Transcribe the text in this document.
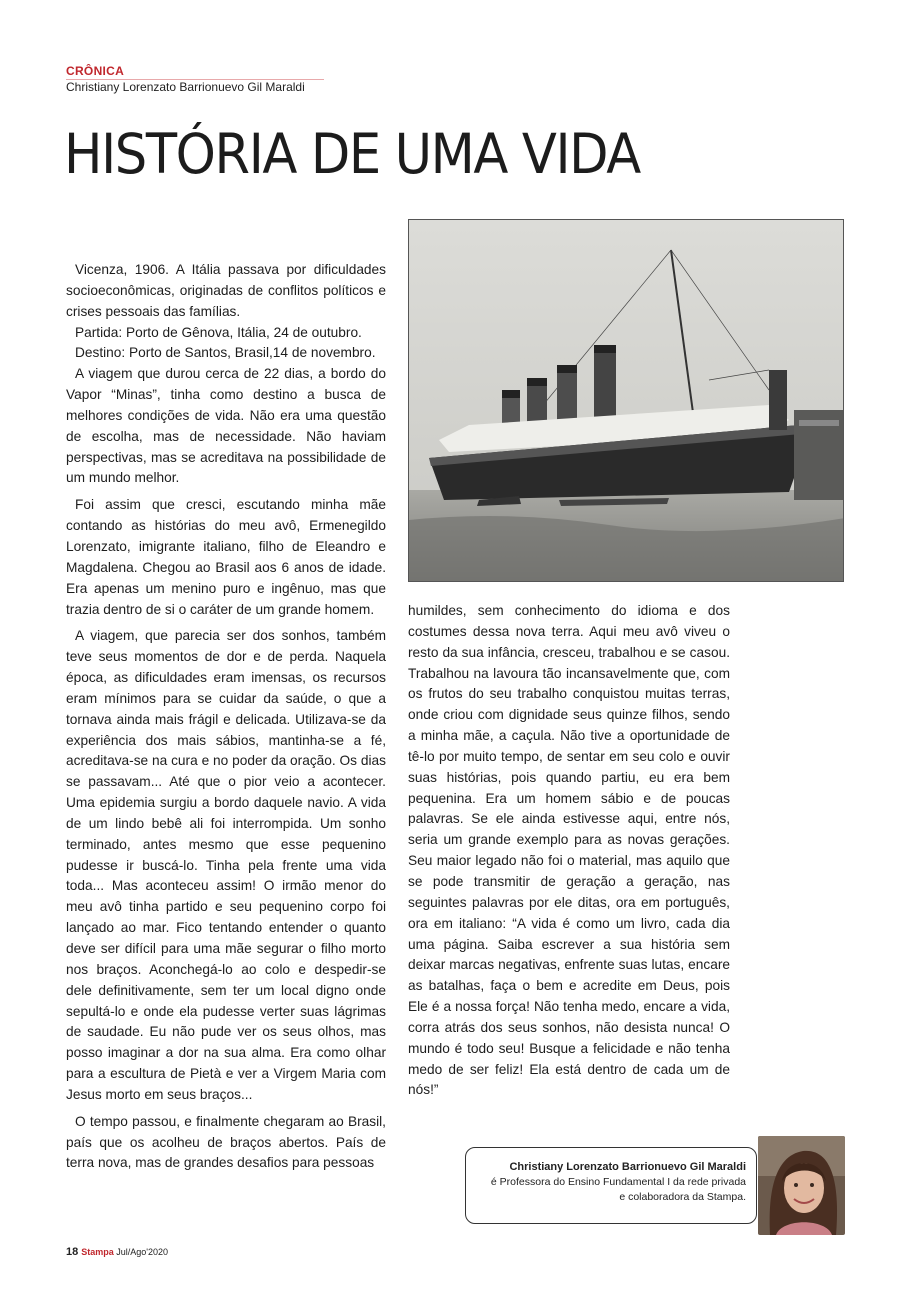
CRÔNICA
Christiany Lorenzato Barrionuevo Gil Maraldi
HISTÓRIA DE UMA VIDA

Vicenza, 1906. A Itália passava por dificuldades socioeconômicas, originadas de conflitos políticos e crises pessoais das famílias.

Partida: Porto de Gênova, Itália, 24 de outubro.

Destino: Porto de Santos, Brasil,14 de novembro.

A viagem que durou cerca de 22 dias, a bordo do Vapor “Minas”, tinha como destino a busca de melhores condições de vida. Não era uma questão de escolha, mas de necessidade. Não haviam perspectivas, mas se acreditava na possibilidade de um mundo melhor.

Foi assim que cresci, escutando minha mãe contando as histórias do meu avô, Ermenegildo Lorenzato, imigrante italiano, filho de Eleandro e Magdalena. Chegou ao Brasil aos 6 anos de idade. Era apenas um menino puro e ingênuo, mas que trazia dentro de si o caráter de um grande homem.

A viagem, que parecia ser dos sonhos, também teve seus momentos de dor e de perda. Naquela época, as dificuldades eram imensas, os recursos eram mínimos para se cuidar da saúde, o que a tornava ainda mais frágil e delicada. Utilizava-se da experiência dos mais sábios, mantinha-se a fé, acreditava-se na cura e no poder da oração. Os dias se passavam... Até que o pior veio a acontecer. Uma epidemia surgiu a bordo daquele navio. A vida de um lindo bebê ali foi interrompida. Um sonho terminado, antes mesmo que esse pequenino pudesse ir buscá-lo. Tinha pela frente uma vida toda... Mas aconteceu assim! O irmão menor do meu avô tinha partido e seu pequenino corpo foi lançado ao mar. Fico tentando entender o quanto deve ser difícil para uma mãe segurar o filho morto nos braços. Aconchegá-lo ao colo e despedir-se dele definitivamente, sem ter um local digno onde sepultá-lo e onde ela pudesse verter suas lágrimas de saudade. Eu não pude ver os seus olhos, mas posso imaginar a dor na sua alma. Era como olhar para a escultura de Pietà e ver a Virgem Maria com Jesus morto em seus braços...

O tempo passou, e finalmente chegaram ao Brasil, país que os acolheu de braços abertos. País de terra nova, mas de grandes desafios para pessoas

humildes, sem conhecimento do idioma e dos costumes dessa nova terra. Aqui meu avô viveu o resto da sua infância, cresceu, trabalhou e se casou. Trabalhou na lavoura tão incansavelmente que, com os frutos do seu trabalho conquistou muitas terras, onde criou com dignidade seus quinze filhos, sendo a minha mãe, a caçula. Não tive a oportunidade de tê-lo por muito tempo, de sentar em seu colo e ouvir suas histórias, pois quando partiu, eu era bem pequenina. Era um homem sábio e de poucas palavras. Se ele ainda estivesse aqui, entre nós, seria um grande exemplo para as novas gerações. Seu maior legado não foi o material, mas aquilo que se pode transmitir de geração a geração, nas seguintes palavras por ele ditas, ora em português, ora em italiano: “A vida é como um livro, cada dia uma página. Saiba escrever a sua história sem deixar marcas negativas, enfrente suas lutas, encare as batalhas, faça o bem e acredite em Deus, pois Ele é a nossa força! Não tenha medo, encare a vida, corra atrás dos seus sonhos, não desista nunca! O mundo é todo seu! Busque a felicidade e não tenha medo de ser feliz! Ela está dentro de cada um de nós!”

Christiany Lorenzato Barrionuevo Gil Maraldi
é Professora do Ensino Fundamental I da rede privada
e colaboradora da Stampa.
18 Stampa Jul/Ago'2020
